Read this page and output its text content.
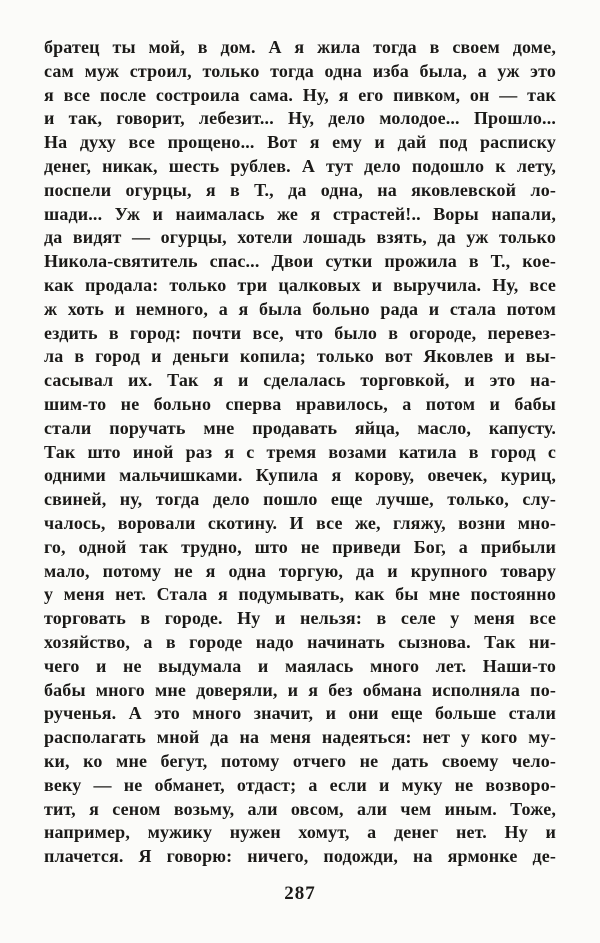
братец ты мой, в дом. А я жила тогда в своем доме,
сам муж строил, только тогда одна изба была, а уж это
я все после состроила сама. Ну, я его пивком, он — так
и так, говорит, лебезит... Ну, дело молодое... Прошло...
На духу все прощено... Вот я ему и дай под расписку
денег, никак, шесть рублев. А тут дело подошло к лету,
поспели огурцы, я в Т., да одна, на яковлевской ло-
шади... Уж и наималась же я страстей!.. Воры напали,
да видят — огурцы, хотели лошадь взять, да уж только
Никола-святитель спас... Двои сутки прожила в Т., кое-
как продала: только три цалковых и выручила. Ну, все
ж хоть и немного, а я была больно рада и стала потом
ездить в город: почти все, что было в огороде, перевез-
ла в город и деньги копила; только вот Яковлев и вы-
сасывал их. Так я и сделалась торговкой, и это на-
шим-то не больно сперва нравилось, а потом и бабы
стали поручать мне продавать яйца, масло, капусту.
Так што иной раз я с тремя возами катила в город с
одними мальчишками. Купила я корову, овечек, куриц,
свиней, ну, тогда дело пошло еще лучше, только, слу-
чалось, воровали скотину. И все же, гляжу, возни мно-
го, одной так трудно, што не приведи Бог, а прибыли
мало, потому не я одна торгую, да и крупного товару
у меня нет. Стала я подумывать, как бы мне постоянно
торговать в городе. Ну и нельзя: в селе у меня все
хозяйство, а в городе надо начинать сызнова. Так ни-
чего и не выдумала и маялась много лет. Наши-то
бабы много мне доверяли, и я без обмана исполняла по-
рученья. А это много значит, и они еще больше стали
располагать мной да на меня надеяться: нет у кого му-
ки, ко мне бегут, потому отчего не дать своему чело-
веку — не обманет, отдаст; а если и муку не возворо-
тит, я сеном возьму, али овсом, али чем иным. Тоже,
например, мужику нужен хомут, а денег нет. Ну и
плачется. Я говорю: ничего, подожди, на ярмонке де-
287
